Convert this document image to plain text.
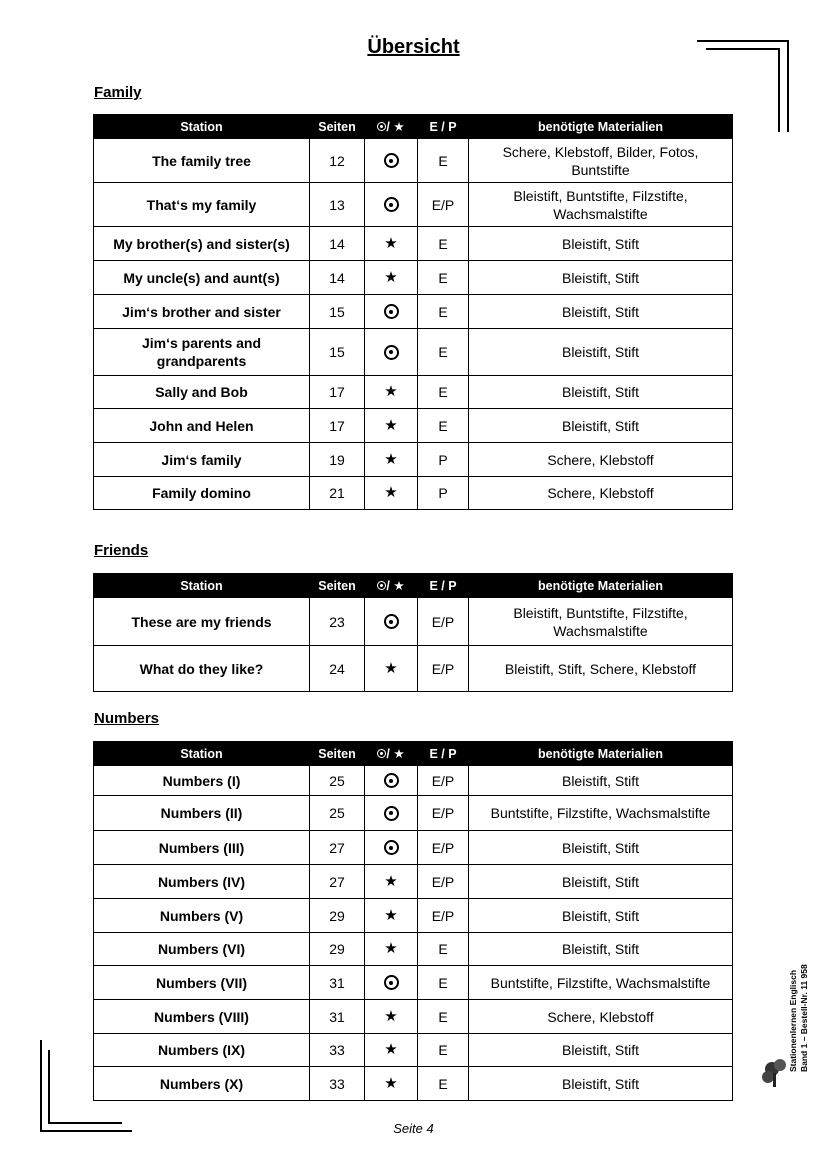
Übersicht
Family
Station	Seiten	/ ★	E / P	benötigte Materialien
The family tree	12		E	Schere, Klebstoff, Bilder, Fotos, Buntstifte
That‘s my family	13		E/P	Bleistift, Buntstifte, Filzstifte, Wachsmalstifte
My brother(s) and sister(s)	14	★	E	Bleistift, Stift
My uncle(s) and aunt(s)	14	★	E	Bleistift, Stift
Jim‘s brother and sister	15		E	Bleistift, Stift
Jim‘s parents and grandparents	15		E	Bleistift, Stift
Sally and Bob	17	★	E	Bleistift, Stift
John and Helen	17	★	E	Bleistift, Stift
Jim‘s family	19	★	P	Schere, Klebstoff
Family domino	21	★	P	Schere, Klebstoff
Friends
Station	Seiten	/ ★	E / P	benötigte Materialien
These are my friends	23		E/P	Bleistift, Buntstifte, Filzstifte, Wachsmalstifte
What do they like?	24	★	E/P	Bleistift, Stift, Schere, Klebstoff
Numbers
Station	Seiten	/ ★	E / P	benötigte Materialien
Numbers (I)	25		E/P	Bleistift, Stift
Numbers (II)	25		E/P	Buntstifte, Filzstifte, Wachsmalstifte
Numbers (III)	27		E/P	Bleistift, Stift
Numbers (IV)	27	★	E/P	Bleistift, Stift
Numbers (V)	29	★	E/P	Bleistift, Stift
Numbers (VI)	29	★	E	Bleistift, Stift
Numbers (VII)	31		E	Buntstifte, Filzstifte, Wachsmalstifte
Numbers (VIII)	31	★	E	Schere, Klebstoff
Numbers (IX)	33	★	E	Bleistift, Stift
Numbers (X)	33	★	E	Bleistift, Stift
Stationenlernen Englisch Band 1 – Bestell-Nr. 11 958
Seite 4
